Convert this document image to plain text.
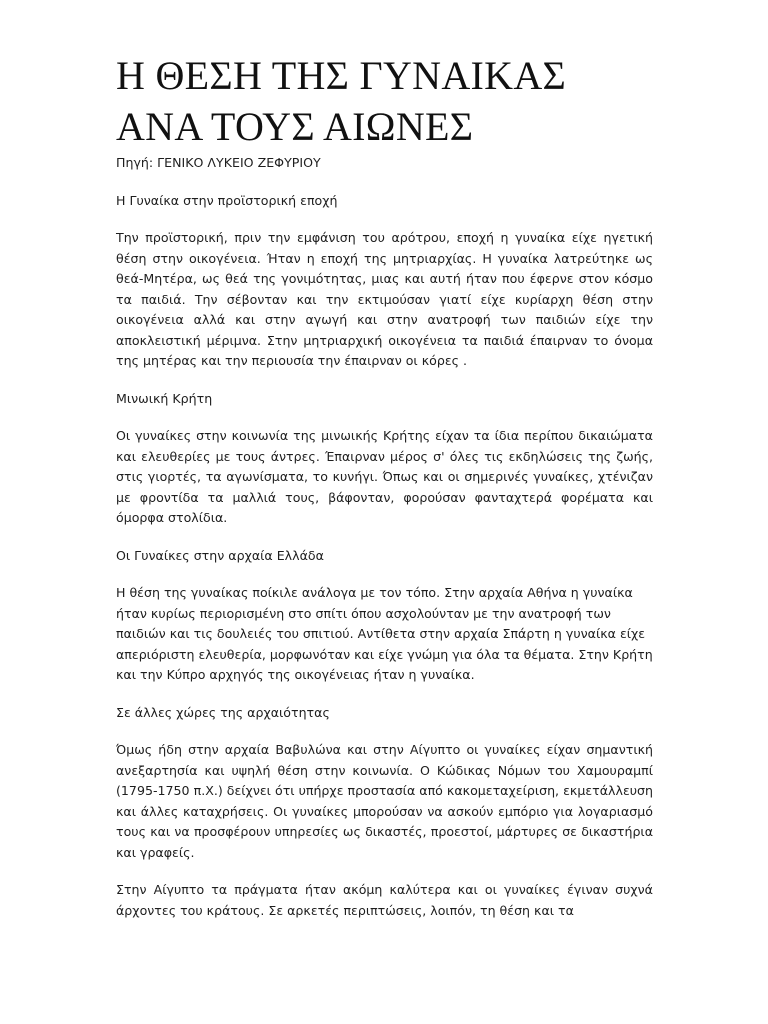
Η ΘΕΣΗ ΤΗΣ ΓΥΝΑΙΚΑΣ
ΑΝΑ ΤΟΥΣ ΑΙΩΝΕΣ

Πηγή: ΓΕΝΙΚΟ ΛΥΚΕΙΟ ΖΕΦΥΡΙΟΥ

Η Γυναίκα στην προϊστορική εποχή

Την προϊστορική, πριν την εμφάνιση του αρότρου, εποχή η γυναίκα είχε ηγετική θέση στην οικογένεια. Ήταν η εποχή της μητριαρχίας. Η γυναίκα λατρεύτηκε ως θεά-Μητέρα, ως θεά της γονιμότητας, μιας και αυτή ήταν που έφερνε στον κόσμο τα παιδιά. Την σέβονταν και την εκτιμούσαν γιατί είχε κυρίαρχη θέση στην οικογένεια αλλά και στην αγωγή και στην ανατροφή των παιδιών είχε την αποκλειστική μέριμνα. Στην μητριαρχική οικογένεια τα παιδιά έπαιρναν το όνομα της μητέρας και την περιουσία την έπαιρναν οι κόρες .

Μινωική Κρήτη

Οι γυναίκες στην κοινωνία της μινωικής Κρήτης είχαν τα ίδια περίπου δικαιώματα και ελευθερίες με τους άντρες. Έπαιρναν μέρος σ' όλες τις εκδηλώσεις της ζωής, στις γιορτές, τα αγωνίσματα, το κυνήγι. Όπως και οι σημερινές γυναίκες, χτένιζαν με φροντίδα τα μαλλιά τους, βάφονταν, φορούσαν φανταχτερά φορέματα και όμορφα στολίδια.

Οι Γυναίκες στην αρχαία Ελλάδα

Η θέση της γυναίκας ποίκιλε ανάλογα με τον τόπο. Στην αρχαία Αθήνα η γυναίκα ήταν κυρίως περιορισμένη στο σπίτι όπου ασχολούνταν με την ανατροφή των παιδιών και τις δουλειές του σπιτιού. Αντίθετα στην αρχαία Σπάρτη η γυναίκα είχε απεριόριστη ελευθερία, μορφωνόταν και είχε γνώμη για όλα τα θέματα. Στην Κρήτη και την Κύπρο αρχηγός της οικογένειας ήταν η γυναίκα.

Σε άλλες χώρες της αρχαιότητας

Όμως ήδη στην αρχαία Βαβυλώνα και στην Αίγυπτο οι γυναίκες είχαν σημαντική ανεξαρτησία και υψηλή θέση στην κοινωνία. Ο Κώδικας Νόμων του Χαμουραμπί (1795-1750 π.Χ.) δείχνει ότι υπήρχε προστασία από κακομεταχείριση, εκμετάλλευση και άλλες καταχρήσεις. Οι γυναίκες μπορούσαν να ασκούν εμπόριο για λογαριασμό τους και να προσφέρουν υπηρεσίες ως δικαστές, προεστοί, μάρτυρες σε δικαστήρια και γραφείς.

Στην Αίγυπτο τα πράγματα ήταν ακόμη καλύτερα και οι γυναίκες έγιναν συχνά άρχοντες του κράτους. Σε αρκετές περιπτώσεις, λοιπόν, τη θέση και τα
